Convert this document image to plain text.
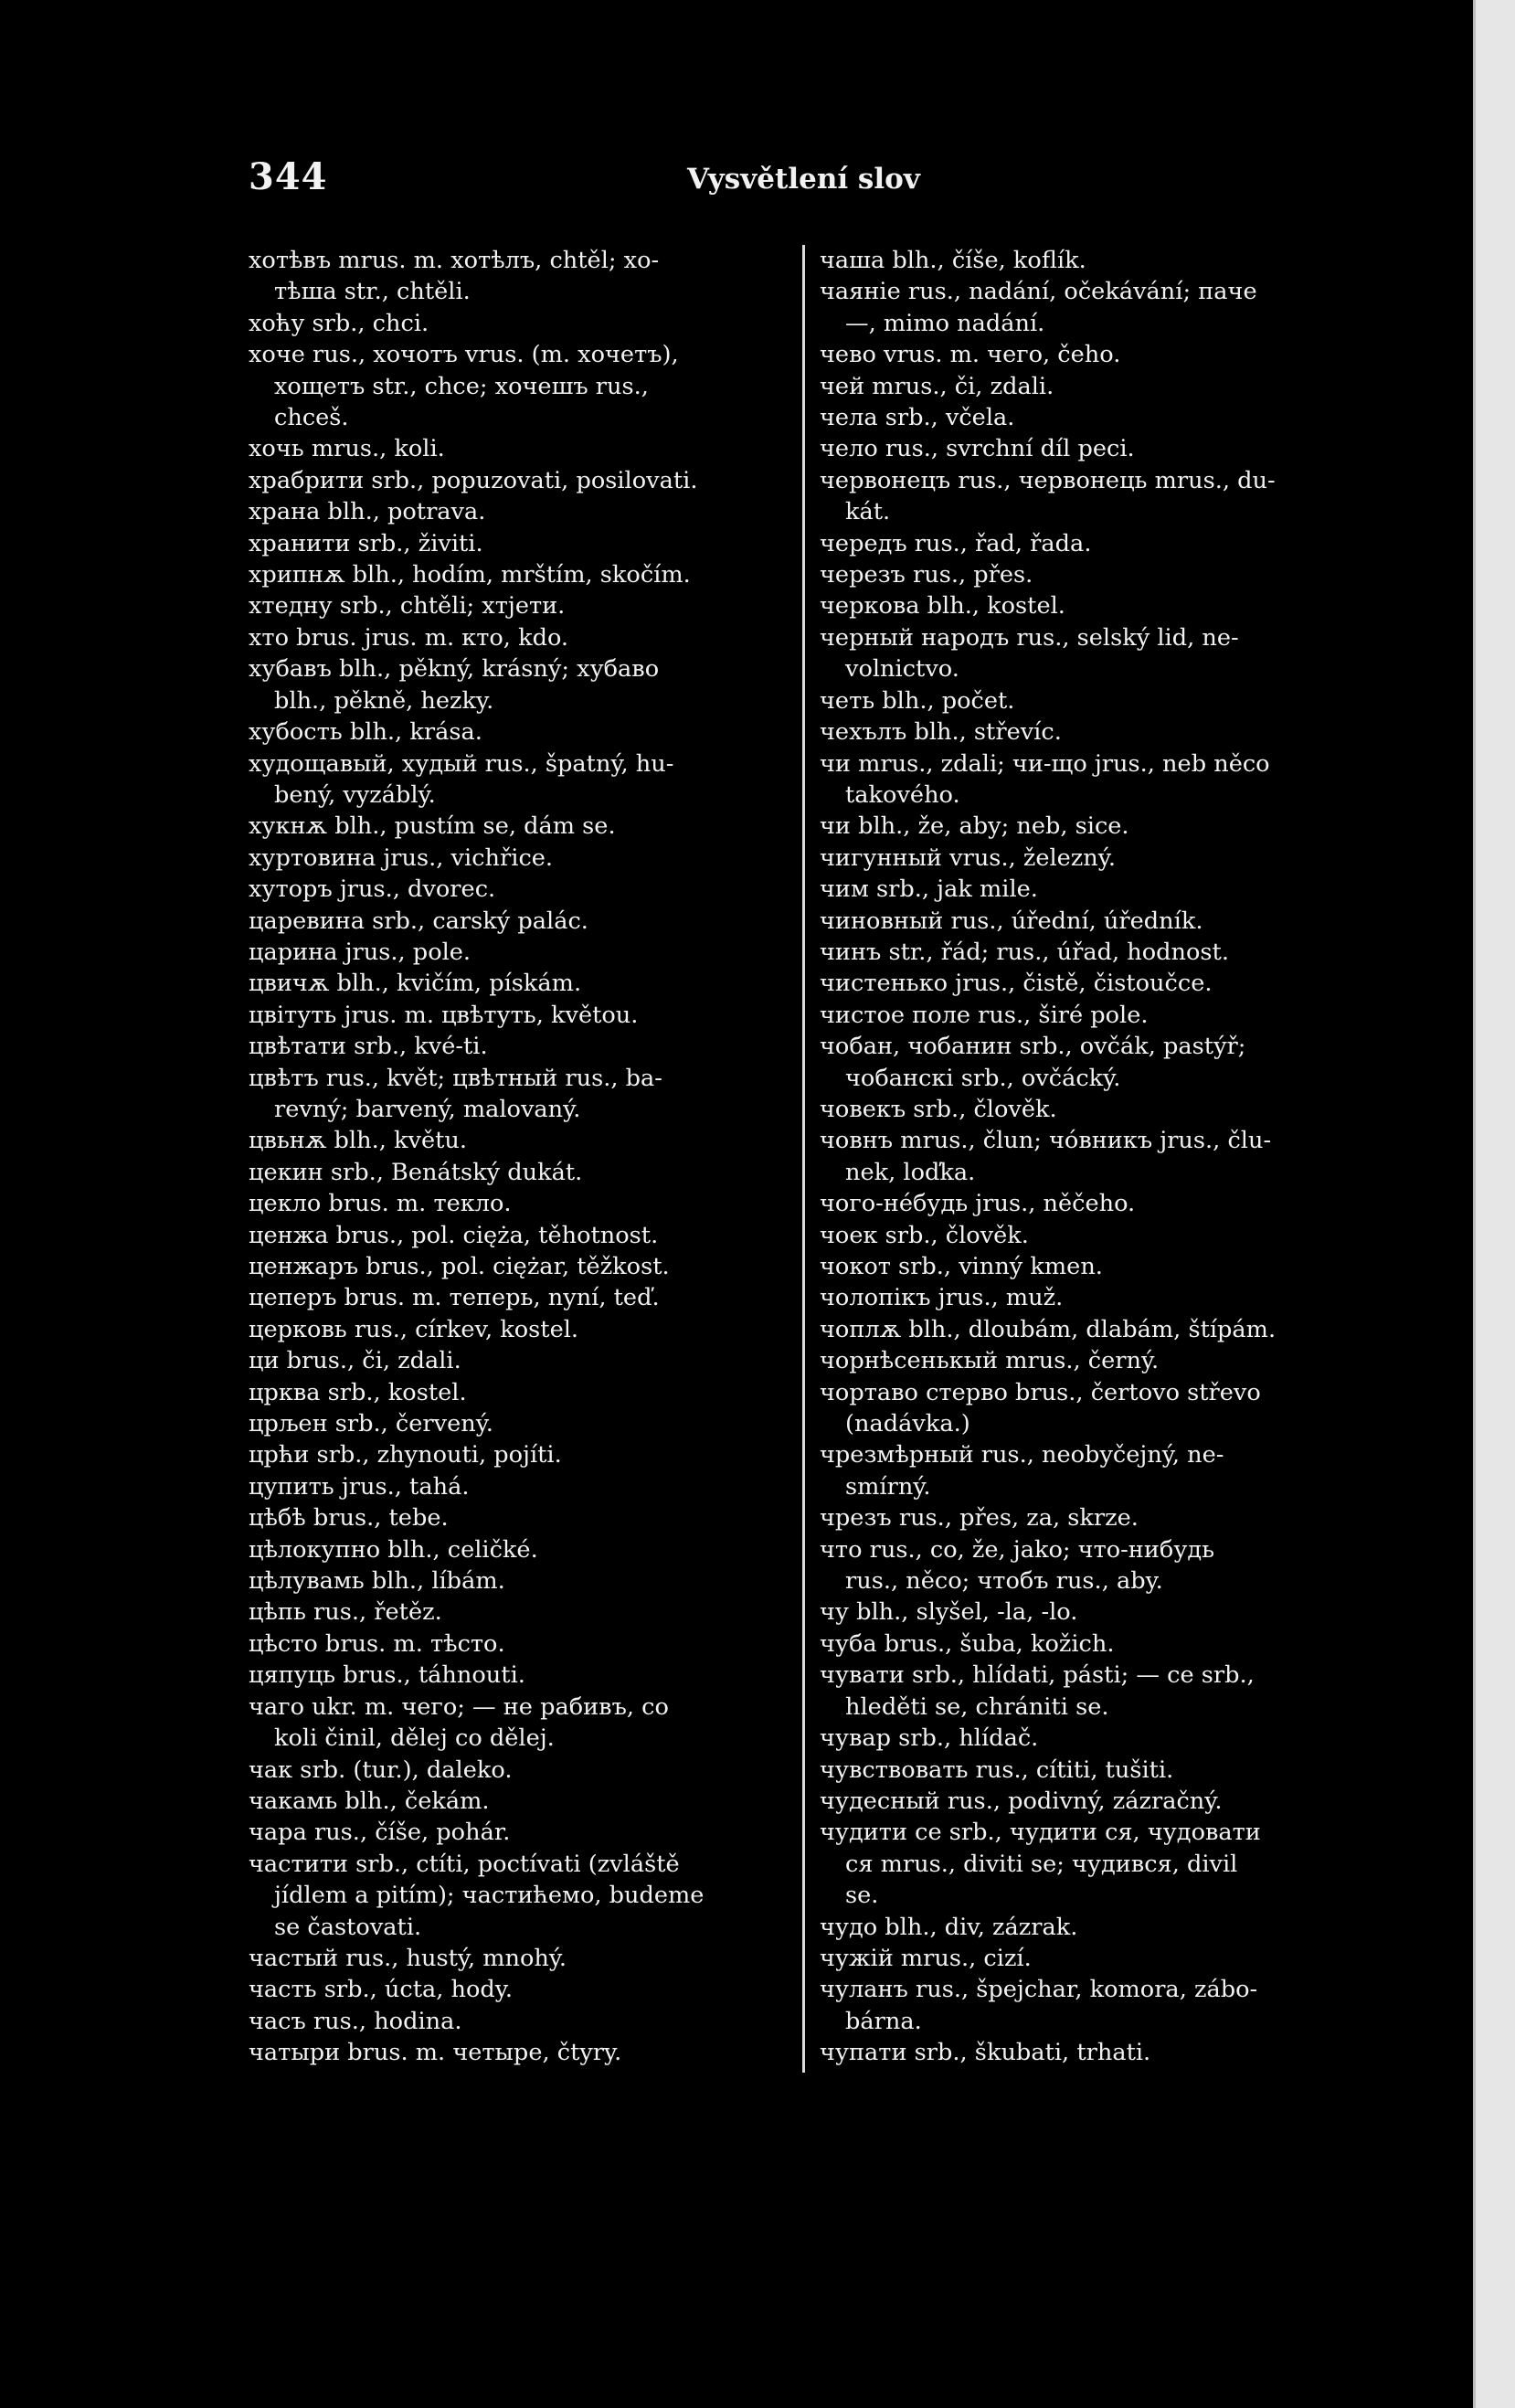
344	Vysvětlení slov
хотѣвъ mrus. m. хотѣлъ, chtěl; хо-
тѣша str., chtěli.
хоћу srb., chci.
хоче rus., хочотъ vrus. (m. хочетъ),
хощетъ str., chce; хочешъ rus.,
chceš.
хочь mrus., koli.
храбрити srb., popuzovati, posilovati.
храна blh., potrava.
хранити srb., živiti.
хрипнѫ blh., hodím, mrštím, skočím.
хтедну srb., chtěli; хтјети.
хто brus. jrus. m. кто, kdo.
хубавъ blh., pěkný, krásný; хубаво
blh., pěkně, hezky.
хубость blh., krása.
худощавый, худый rus., špatný, hu-
bený, vyzáblý.
хукнѫ blh., pustím se, dám se.
хуртовина jrus., vichřice.
хуторъ jrus., dvorec.
царевина srb., carský palác.
царина jrus., pole.
цвичѫ blh., kvičím, pískám.
цвітуть jrus. m. цвѣтуть, květou.
цвѣтати srb., kvé-ti.
цвѣтъ rus., květ; цвѣтный rus., ba-
revný; barvený, malovaný.
цвьнѫ blh., květu.
цекин srb., Benátský dukát.
цекло brus. m. текло.
ценжа brus., pol. cięża, těhotnost.
ценжаръ brus., pol. ciężar, těžkost.
цеперъ brus. m. теперь, nyní, teď.
церковь rus., církev, kostel.
ци brus., či, zdali.
црква srb., kostel.
црљен srb., červený.
црћи srb., zhynouti, pojíti.
цупить jrus., tahá.
цѣбѣ brus., tebe.
цѣлокупно blh., celičké.
цѣлувамь blh., líbám.
цѣпь rus., řetěz.
цѣсто brus. m. тѣсто.
цяпуць brus., táhnouti.
чаго ukr. m. чего; — не рабивъ, со
koli činil, dělej co dělej.
чак srb. (tur.), daleko.
чакамь blh., čekám.
чара rus., číše, pohár.
частити srb., ctíti, poctívati (zvláště
jídlem a pitím); частићемо, budeme
se častovati.
частый rus., hustý, mnohý.
часть srb., úcta, hody.
часъ rus., hodina.
чатыри brus. m. четыре, čtyry.
чаша blh., číše, koflík.
чаяніе rus., nadání, očekávání; паче
—, mimo nadání.
чево vrus. m. чего, čeho.
чей mrus., či, zdali.
чела srb., včela.
чело rus., svrchní díl peci.
червонецъ rus., червонець mrus., du-
kát.
чередъ rus., řad, řada.
черезъ rus., přes.
черкова blh., kostel.
черный народъ rus., selský lid, ne-
volnictvo.
четь blh., počet.
чехълъ blh., střevíc.
чи mrus., zdali; чи-що jrus., neb něco
takového.
чи blh., že, aby; neb, sice.
чигунный vrus., železný.
чим srb., jak mile.
чиновный rus., úřední, úředník.
чинъ str., řád; rus., úřad, hodnost.
чистенько jrus., čistě, čistoučce.
чистое поле rus., širé pole.
чобан, чобанин srb., ovčák, pastýř;
чобанскі srb., ovčácký.
човекъ srb., člověk.
човнъ mrus., člun; чóвникъ jrus., člu-
nek, loďka.
чого-нéбудь jrus., něčeho.
чоек srb., člověk.
чокот srb., vinný kmen.
чолопікъ jrus., muž.
чоплѫ blh., dloubám, dlabám, štípám.
чорнѣсенькый mrus., černý.
чортаво стерво brus., čertovo střevo
(nadávka.)
чрезмѣрный rus., neobyčejný, ne-
smírný.
чрезъ rus., přes, za, skrze.
что rus., co, že, jako; что-нибудь
rus., něco; чтобъ rus., aby.
чу blh., slyšel, -la, -lo.
чуба brus., šuba, kožich.
чувати srb., hlídati, pásti; — се srb.,
hleděti se, chrániti se.
чувар srb., hlídač.
чувствовать rus., cítiti, tušiti.
чудесный rus., podivný, zázračný.
чудити се srb., чудити ся, чудовати
ся mrus., diviti se; чудився, divil
se.
чудо blh., div, zázrak.
чужій mrus., cizí.
чуланъ rus., špejchar, komora, zábo-
bárna.
чупати srb., škubati, trhati.
